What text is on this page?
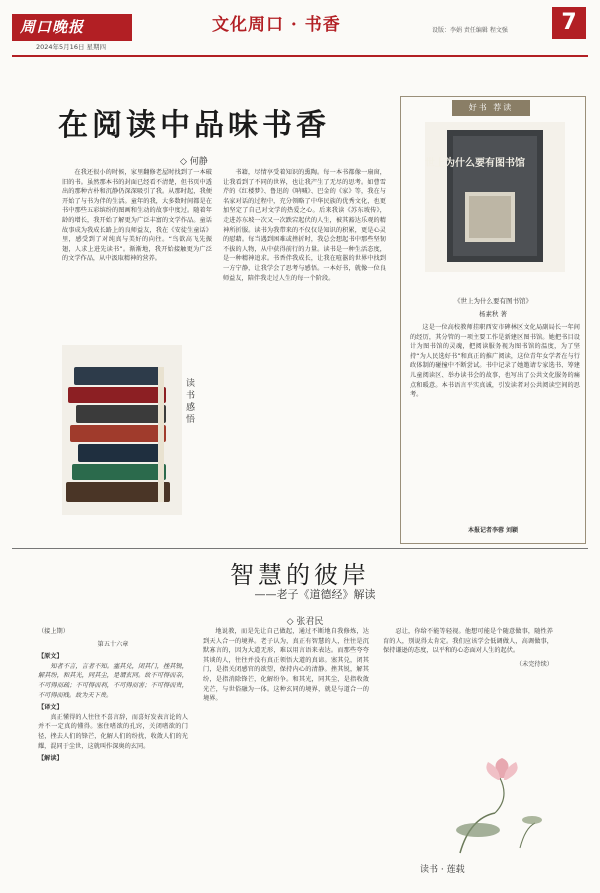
周口晚报	文化周口 · 书香	设版：李娟 责任编辑 程文强	7
2024年5月16日 星期四
在阅读中品味书香
◇ 何静
在我还很小的时候，家里翻修老屋时找到了一本破旧的书。虽然那本书的封面已经看不清楚，但书页中透出的那种古朴和沉静仍深深吸引了我。从那时起，我便开始了与书为伴的生活。童年的我，大多数时间都是在书中那些五彩缤纷的图画和生动的故事中度过。随着年龄的增长，我开始了解更为广泛丰富的文学作品。童话故事成为我成长路上的良师益友，我在《安徒生童话》里，感受到了对纯真与美好的向往。“鸟欲高飞先振翅，人求上进先读书”。渐渐地，我开始接触更为广泛的文学作品，从中汲取精神的营养。
书籍，尽情享受着知识的熏陶。每一本书都像一扇窗，让我看到了不同的世界，也让我产生了无尽的思考。如曹雪芹的《红楼梦》、鲁迅的《呐喊》、巴金的《家》等，我在与名家对话的过程中，充分领略了中华民族的优秀文化，也更加坚定了自己对文学的热爱之心。后来我读《苏东坡传》，走进苏东坡一次又一次跌宕起伏的人生，被其豁达乐观的精神所折服。读书为我带来的不仅仅是知识的积累，更是心灵的慰藉。每当遇到困难或挫折时，我总会想起书中那些坚韧不拔的人物，从中获得前行的力量。读书是一种生活态度，是一种精神追求。书香伴我成长，让我在喧嚣的世界中找到一方宁静，让我学会了思考与感悟。一本好书，就像一位良师益友，陪伴我走过人生的每一个阶段。
读书感悟
好书 荐读
世上为什么要有图书馆
《世上为什么要有图书馆》
杨素秋 著
这是一位高校教师挂职西安市碑林区文化局副局长一年间的经历，其分管的一项主要工作是新建区图书馆。她把书目设计为图书馆的灵魂，把阅读服务视为图书馆的温度，为了坚持“为人民选好书”和真正的推广阅读，这位青年女学者在与行政体制的碰撞中不断尝试。书中记录了她邀请专家选书、筹建儿童阅读区、举办读书会的故事，也写出了公共文化服务的痛点和暖意。本书语言平实真诚，引发读者对公共阅读空间的思考。
本报记者李蓉 刘颖
智慧的彼岸
——老子《道德经》解读
◇ 张君民
（接上期）
第五十六章
【原文】
知者不言，言者不知。塞其兑，闭其门，挫其锐，解其纷，和其光，同其尘，是谓玄同。故不可得而亲，不可得而疏；不可得而利，不可得而害；不可得而贵，不可得而贱。故为天下贵。
【译文】
真正懂得的人往往不喜言辞，而喜好发表言论的人并不一定真的懂得。塞住嗜欲的孔窍，关闭嗜欲的门径，挫去人们的锋芒，化解人们的纷扰，收敛人们的光耀，混同于尘世，这就叫作深奥的玄同。
【解读】
地说教，而是先让自己做起，通过不断地自我修炼，达到天人合一的境界。老子认为，真正有智慧的人，往往是沉默寡言的，因为大道无形，难以用言语来表达。而那些夸夸其谈的人，往往并没有真正领悟大道的真谛。塞其兑，闭其门，是指关闭感官的欲望，保持内心的清静。挫其锐，解其纷，是指消除锋芒，化解纷争。和其光，同其尘，是指收敛光芒，与世俗融为一体。这种玄同的境界，就是与道合一的境界。
忍让，你给不能等轻视。他想可能是个随意做事，随性养育的人，别说得太肯定。我们应该学会低调做人，高调做事，保持谦逊的态度，以平和的心态面对人生的起伏。
（未完待续）
读书 · 莲载
